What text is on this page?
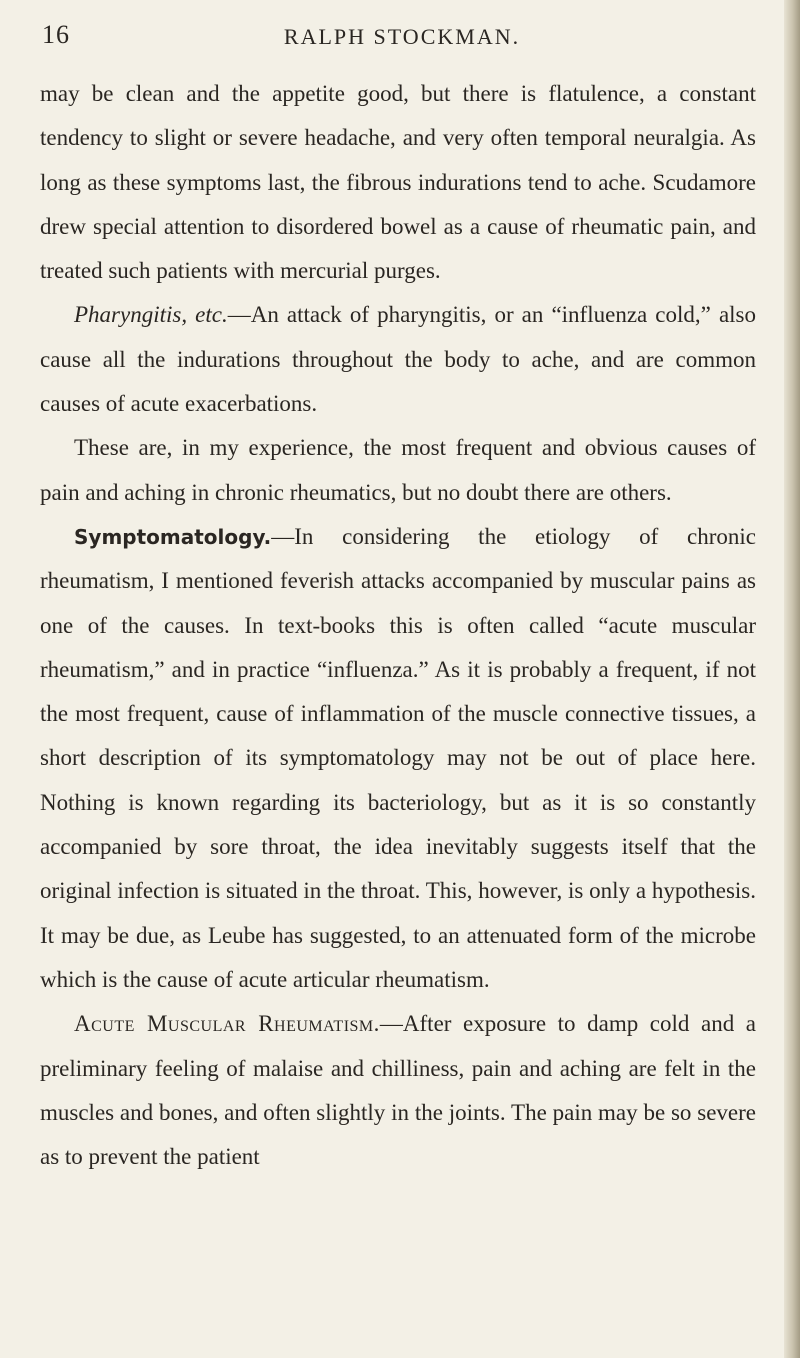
16	RALPH STOCKMAN.

may be clean and the appetite good, but there is flatulence, a constant tendency to slight or severe headache, and very often temporal neuralgia. As long as these symptoms last, the fibrous indurations tend to ache. Scudamore drew special attention to disordered bowel as a cause of rheumatic pain, and treated such patients with mercurial purges.

Pharyngitis, etc.—An attack of pharyngitis, or an “influenza cold,” also cause all the indurations throughout the body to ache, and are common causes of acute exacerbations.

These are, in my experience, the most frequent and obvious causes of pain and aching in chronic rheumatics, but no doubt there are others.

Symptomatology.—In considering the etiology of chronic rheumatism, I mentioned feverish attacks accompanied by muscular pains as one of the causes. In text-books this is often called “acute muscular rheumatism,” and in practice “influenza.” As it is probably a frequent, if not the most frequent, cause of inflammation of the muscle connective tissues, a short description of its symptomatology may not be out of place here. Nothing is known regarding its bacteriology, but as it is so constantly accompanied by sore throat, the idea inevitably suggests itself that the original infection is situated in the throat. This, however, is only a hypothesis. It may be due, as Leube has suggested, to an attenuated form of the microbe which is the cause of acute articular rheumatism.

Acute Muscular Rheumatism.—After exposure to damp cold and a preliminary feeling of malaise and chilliness, pain and aching are felt in the muscles and bones, and often slightly in the joints. The pain may be so severe as to prevent the patient
